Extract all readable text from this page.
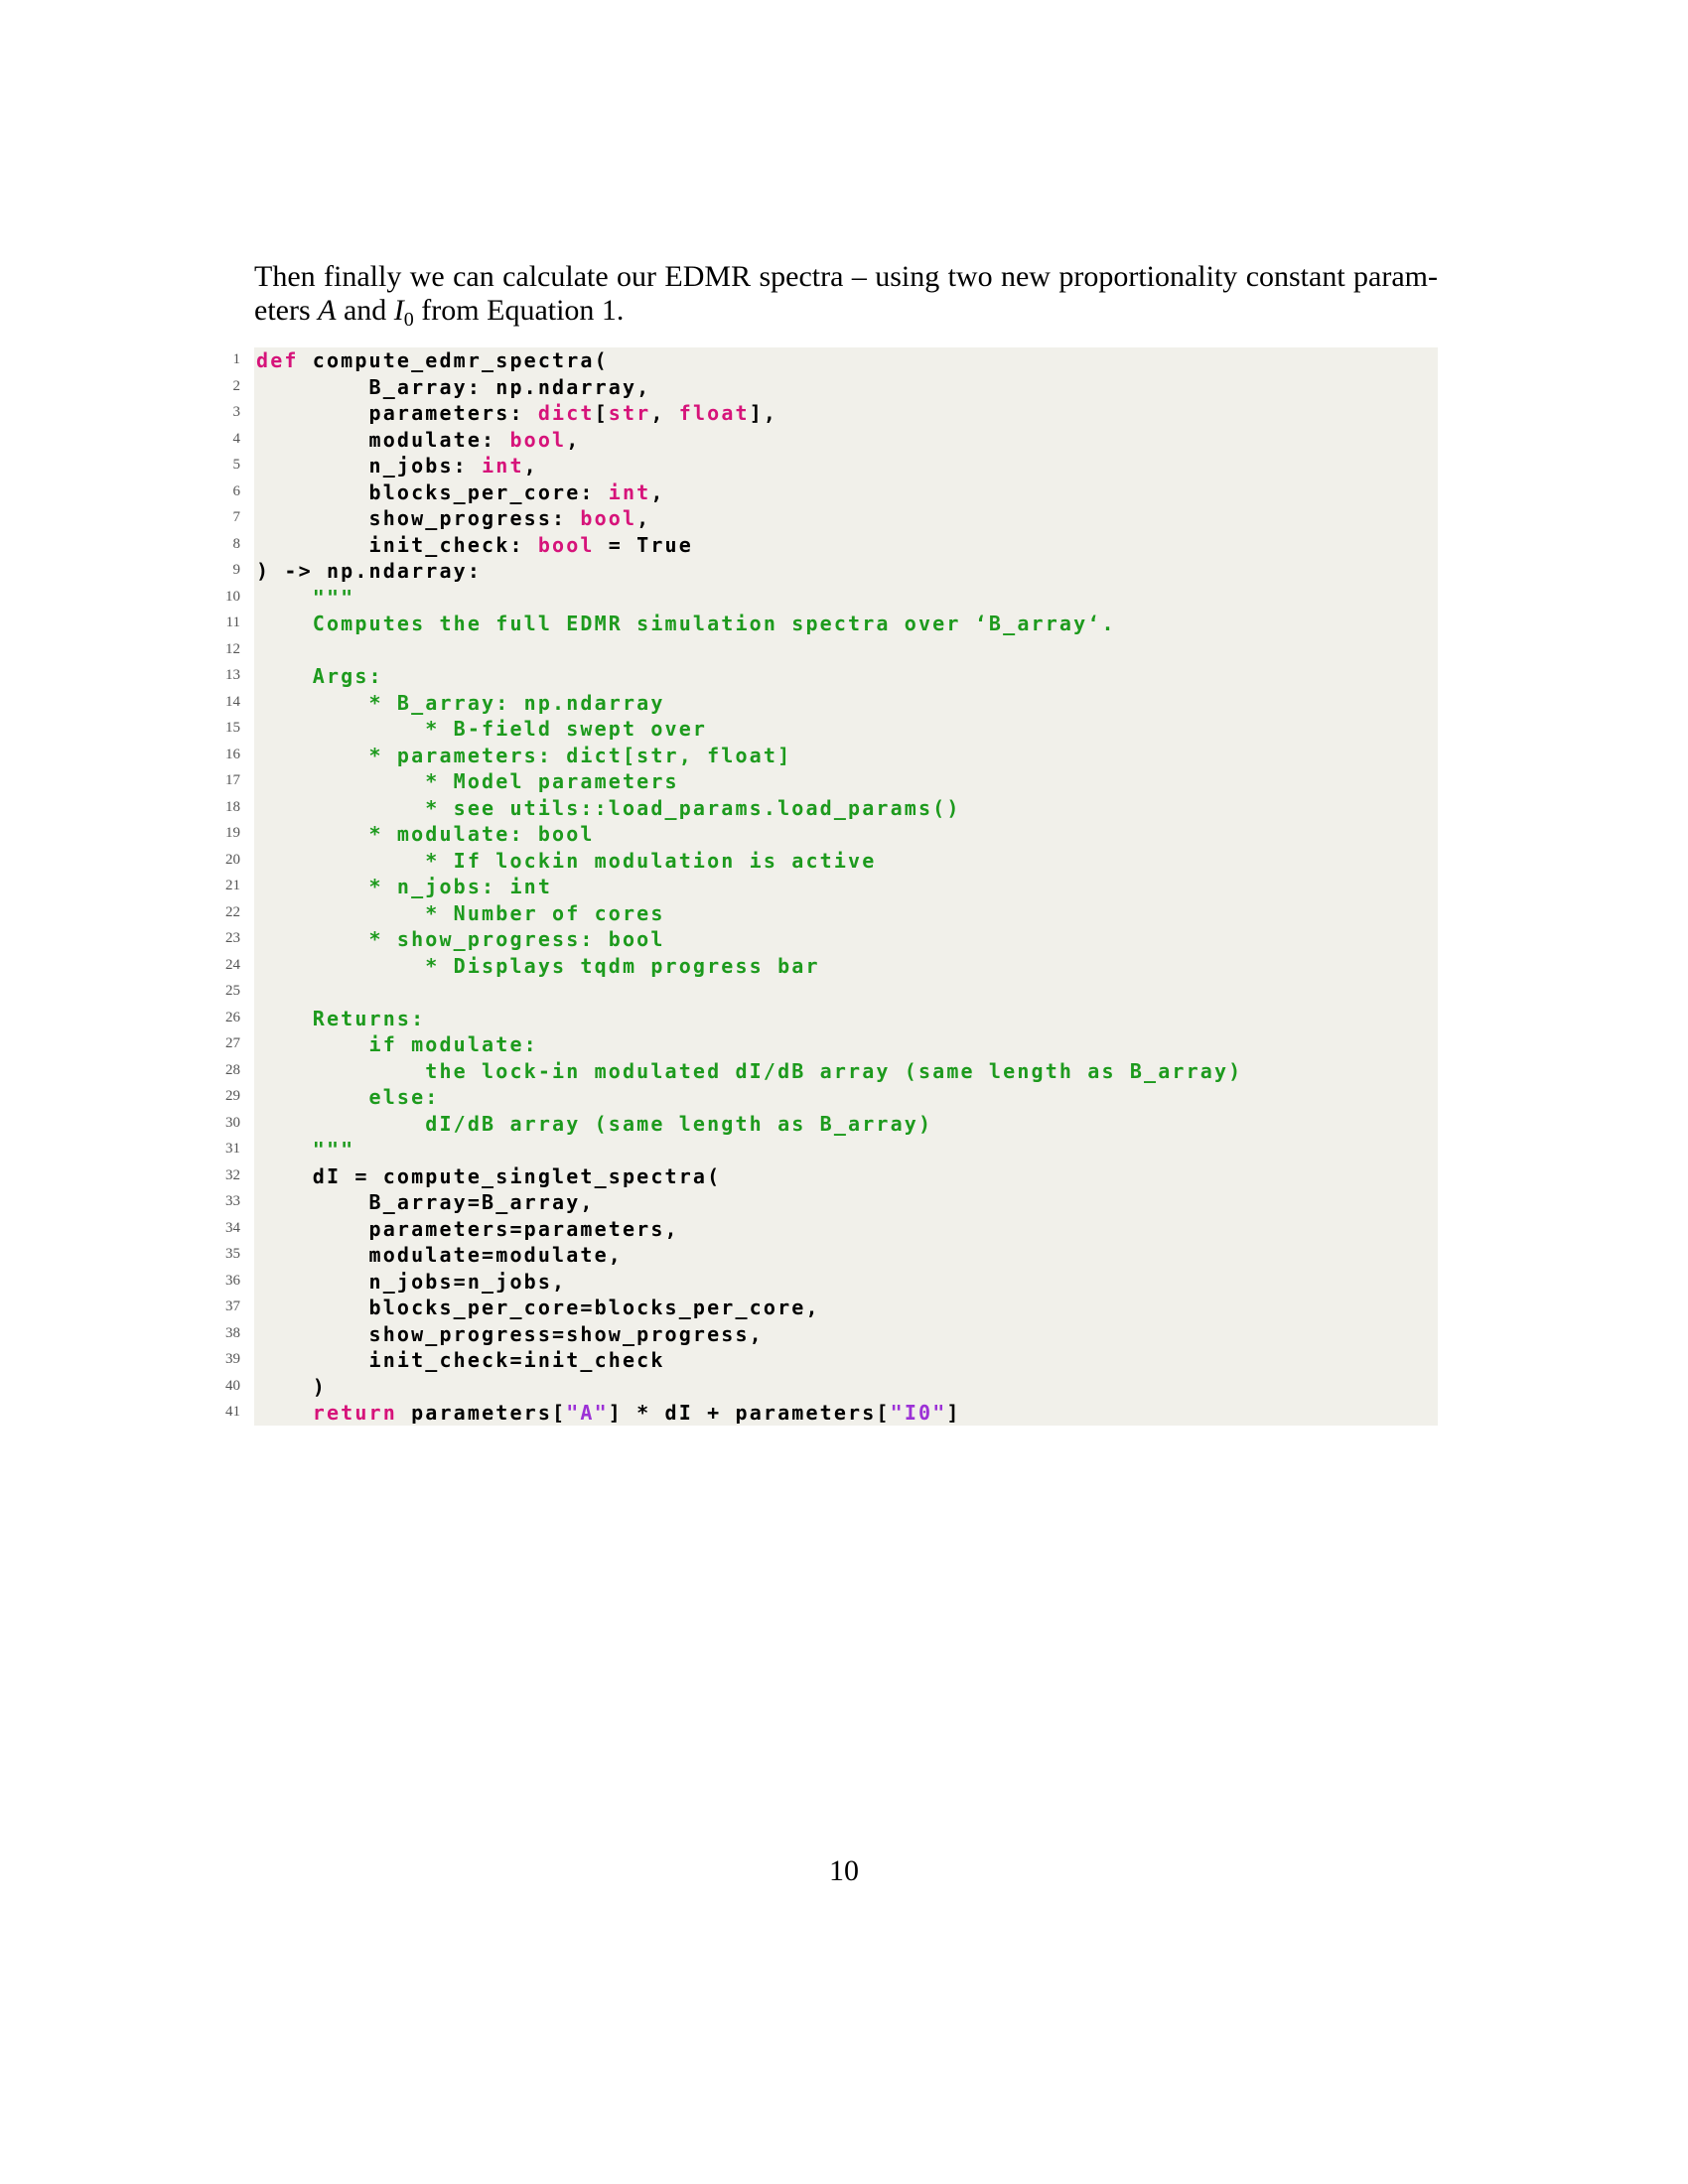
Then finally we can calculate our EDMR spectra – using two new proportionality constant param-
eters A and $I_0$ from Equation 1.

1 def compute_edmr_spectra(
2 B_array: np.ndarray,
3 parameters: dict[str, float],
4 modulate: bool,
5 n_jobs: int,
6 blocks_per_core: int,
7 show_progress: bool,
8 init_check: bool = True
9 ) -> np.ndarray:
10 """
11 Computes the full EDMR simulation spectra over ‘B_array‘.
12
13 Args:
14 * B_array: np.ndarray
15 * B-field swept over
16 * parameters: dict[str, float]
17 * Model parameters
18 * see utils::load_params.load_params()
19 * modulate: bool
20 * If lockin modulation is active
21 * n_jobs: int
22 * Number of cores
23 * show_progress: bool
24 * Displays tqdm progress bar
25
26 Returns:
27 if modulate:
28 the lock-in modulated dI/dB array (same length as B_array)
29 else:
30 dI/dB array (same length as B_array)
31 """
32 dI = compute_singlet_spectra(
33 B_array=B_array,
34 parameters=parameters,
35 modulate=modulate,
36 n_jobs=n_jobs,
37 blocks_per_core=blocks_per_core,
38 show_progress=show_progress,
39 init_check=init_check
40 )
41	return parameters["A"] * dI + parameters["I0"]
10
